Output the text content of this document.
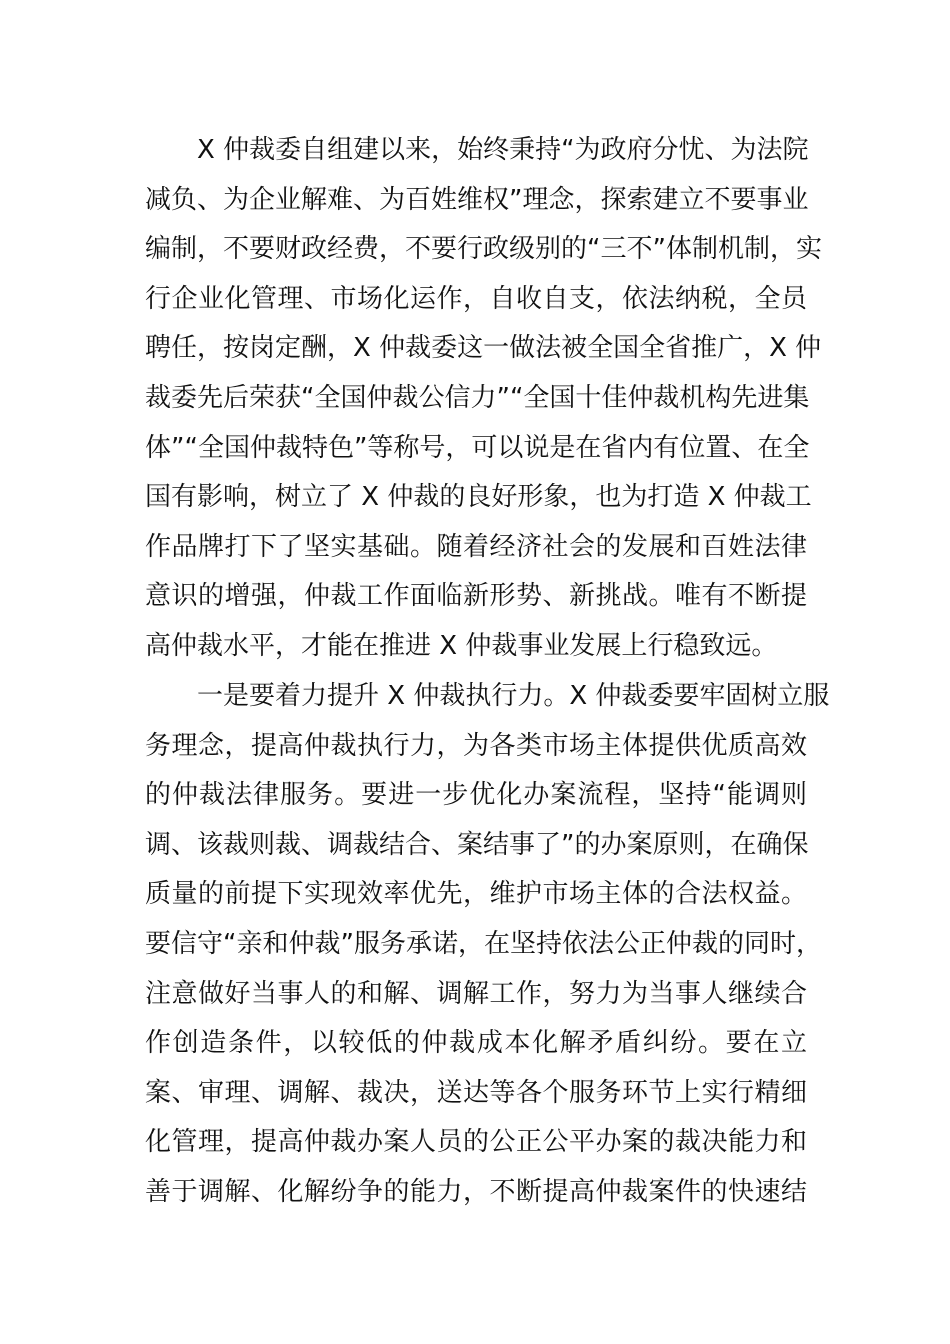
X 仲裁委自组建以来，始终秉持“为政府分忧、为法院
减负、为企业解难、为百姓维权”理念，探索建立不要事业
编制，不要财政经费，不要行政级别的“三不”体制机制，实
行企业化管理、市场化运作，自收自支，依法纳税，全员
聘任，按岗定酬，X 仲裁委这一做法被全国全省推广，X 仲
裁委先后荣获“全国仲裁公信力”“全国十佳仲裁机构先进集
体”“全国仲裁特色”等称号，可以说是在省内有位置、在全
国有影响，树立了 X 仲裁的良好形象，也为打造 X 仲裁工
作品牌打下了坚实基础。随着经济社会的发展和百姓法律
意识的增强，仲裁工作面临新形势、新挑战。唯有不断提
高仲裁水平，才能在推进 X 仲裁事业发展上行稳致远。
一是要着力提升 X 仲裁执行力。X 仲裁委要牢固树立服
务理念，提高仲裁执行力，为各类市场主体提供优质高效
的仲裁法律服务。要进一步优化办案流程，坚持“能调则
调、该裁则裁、调裁结合、案结事了”的办案原则，在确保
质量的前提下实现效率优先，维护市场主体的合法权益。
要信守“亲和仲裁”服务承诺，在坚持依法公正仲裁的同时，
注意做好当事人的和解、调解工作，努力为当事人继续合
作创造条件，以较低的仲裁成本化解矛盾纠纷。要在立
案、审理、调解、裁决，送达等各个服务环节上实行精细
化管理，提高仲裁办案人员的公正公平办案的裁决能力和
善于调解、化解纷争的能力，不断提高仲裁案件的快速结
